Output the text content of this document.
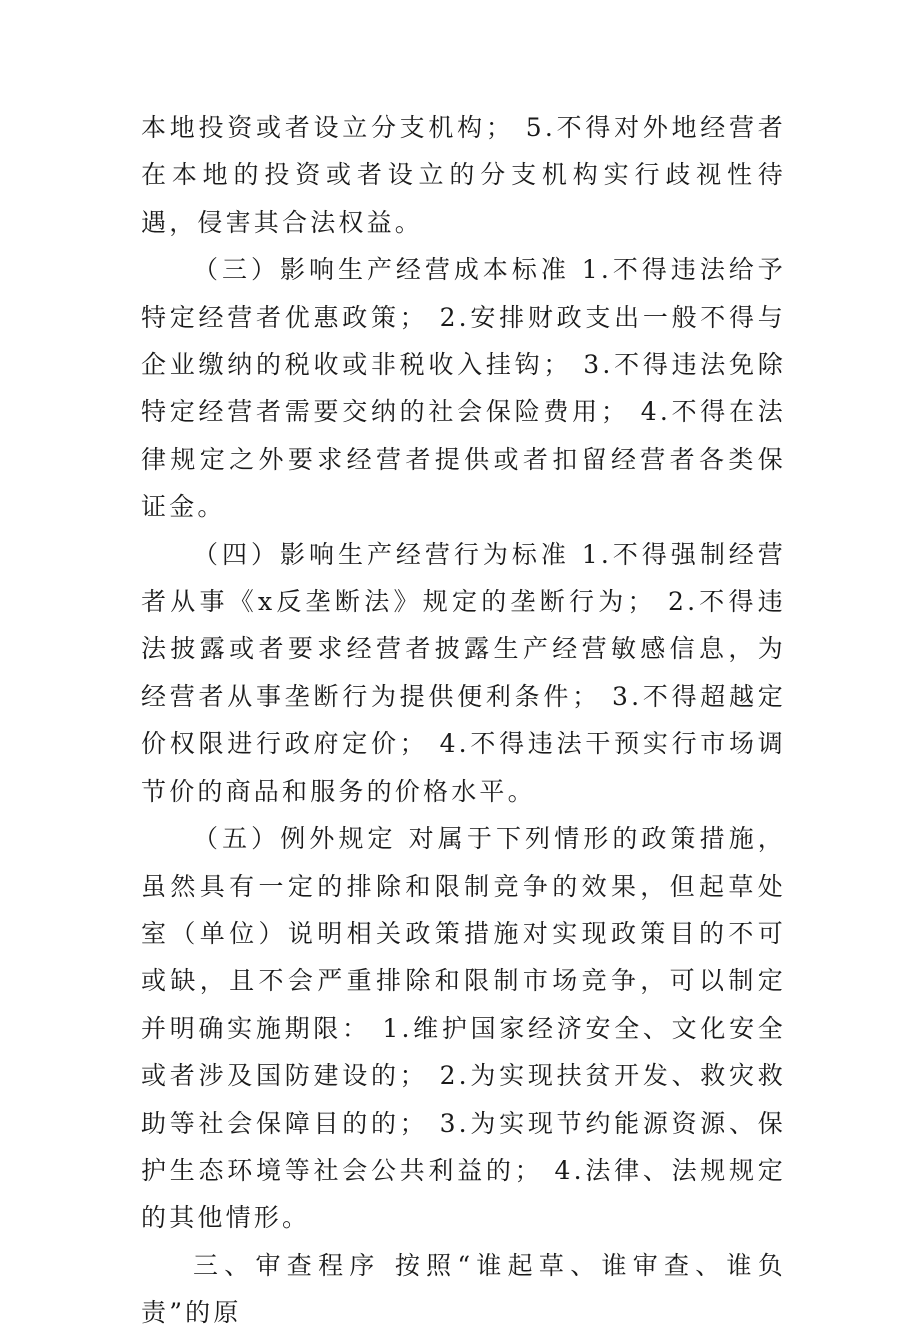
本地投资或者设立分支机构； 5.不得对外地经营者在本地的投资或者设立的分支机构实行歧视性待遇，侵害其合法权益。

（三）影响生产经营成本标准 1.不得违法给予特定经营者优惠政策； 2.安排财政支出一般不得与企业缴纳的税收或非税收入挂钩； 3.不得违法免除特定经营者需要交纳的社会保险费用； 4.不得在法律规定之外要求经营者提供或者扣留经营者各类保证金。

（四）影响生产经营行为标准 1.不得强制经营者从事《x反垄断法》规定的垄断行为； 2.不得违法披露或者要求经营者披露生产经营敏感信息，为经营者从事垄断行为提供便利条件； 3.不得超越定价权限进行政府定价； 4.不得违法干预实行市场调节价的商品和服务的价格水平。

（五）例外规定 对属于下列情形的政策措施，虽然具有一定的排除和限制竞争的效果，但起草处室（单位）说明相关政策措施对实现政策目的不可或缺，且不会严重排除和限制市场竞争，可以制定并明确实施期限： 1.维护国家经济安全、文化安全或者涉及国防建设的； 2.为实现扶贫开发、救灾救助等社会保障目的的； 3.为实现节约能源资源、保护生态环境等社会公共利益的； 4.法律、法规规定的其他情形。

三、审查程序 按照“谁起草、谁审查、谁负责”的原
